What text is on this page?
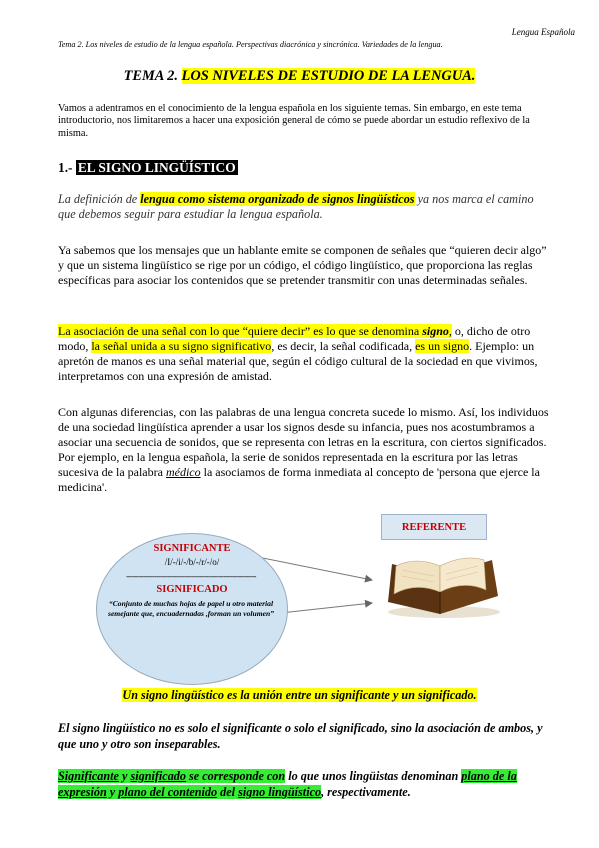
Lengua Española
Tema 2. Los niveles de estudio de la lengua española. Perspectivas diacrónica y sincrónica. Variedades de la lengua.
TEMA 2. LOS NIVELES DE ESTUDIO DE LA LENGUA.
Vamos a adentramos en el conocimiento de la lengua española en los siguiente temas. Sin embargo, en este tema introductorio, nos limitaremos a hacer una exposición general de cómo se puede abordar un estudio reflexivo de la misma.
1.- EL SIGNO LINGÜÍSTICO
La definición de lengua como sistema organizado de signos lingüísticos ya nos marca el camino que debemos seguir para estudiar la lengua española.
Ya sabemos que los mensajes que un hablante emite se componen de señales que “quieren decir algo” y que un sistema lingüístico se rige por un código, el código lingüístico, que proporciona las reglas específicas para asociar los contenidos que se pretender transmitir con unas determinadas señales.
La asociación de una señal con lo que “quiere decir” es lo que se denomina signo, o, dicho de otro modo, la señal unida a su signo significativo, es decir, la señal codificada, es un signo. Ejemplo: un apretón de manos es una señal material que, según el código cultural de la sociedad en que vivimos, interpretamos con una expresión de amistad.
Con algunas diferencias, con las palabras de una lengua concreta sucede lo mismo. Así, los individuos de una sociedad lingüística aprender a usar los signos desde su infancia, pues nos acostumbramos a asociar una secuencia de sonidos, que se representa con letras en la escritura, con ciertos significados. Por ejemplo, en la lengua española, la serie de sonidos representada en la escritura por las letras sucesiva de la palabra médico la asociamos de forma inmediata al concepto de 'persona que ejerce la medicina'.
SIGNIFICANTE
/I/-/i/-/b/-/r/-/o/
------------------------------------------------------------
SIGNIFICADO
“Conjunto de muchas hojas de papel u otro material semejante que, encuadernadas ,forman un volumen”
REFERENTE
Un signo lingüístico es la unión entre un significante y un significado.
El signo lingüístico no es solo el significante o solo el significado, sino la asociación de ambos, y que uno y otro son inseparables.
Significante y significado se corresponde con lo que unos lingüistas denominan plano de la expresión y plano del contenido del signo lingüístico, respectivamente.
